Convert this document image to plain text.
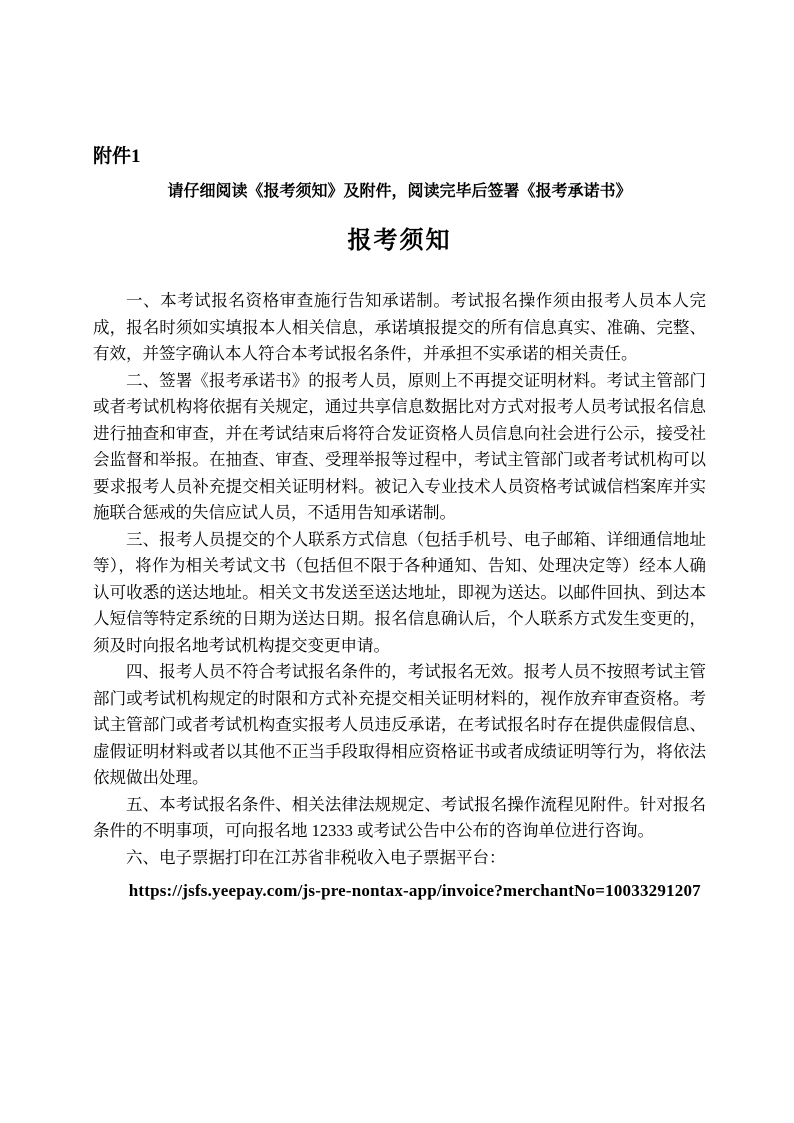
附件1
请仔细阅读《报考须知》及附件，阅读完毕后签署《报考承诺书》
报考须知

一、本考试报名资格审查施行告知承诺制。考试报名操作须由报考人员本人完成，报名时须如实填报本人相关信息，承诺填报提交的所有信息真实、准确、完整、有效，并签字确认本人符合本考试报名条件，并承担不实承诺的相关责任。

二、签署《报考承诺书》的报考人员，原则上不再提交证明材料。考试主管部门或者考试机构将依据有关规定，通过共享信息数据比对方式对报考人员考试报名信息进行抽查和审查，并在考试结束后将符合发证资格人员信息向社会进行公示，接受社会监督和举报。在抽查、审查、受理举报等过程中，考试主管部门或者考试机构可以要求报考人员补充提交相关证明材料。被记入专业技术人员资格考试诚信档案库并实施联合惩戒的失信应试人员，不适用告知承诺制。

三、报考人员提交的个人联系方式信息（包括手机号、电子邮箱、详细通信地址等），将作为相关考试文书（包括但不限于各种通知、告知、处理决定等）经本人确认可收悉的送达地址。相关文书发送至送达地址，即视为送达。以邮件回执、到达本人短信等特定系统的日期为送达日期。报名信息确认后，个人联系方式发生变更的，须及时向报名地考试机构提交变更申请。

四、报考人员不符合考试报名条件的，考试报名无效。报考人员不按照考试主管部门或考试机构规定的时限和方式补充提交相关证明材料的，视作放弃审查资格。考试主管部门或者考试机构查实报考人员违反承诺，在考试报名时存在提供虚假信息、虚假证明材料或者以其他不正当手段取得相应资格证书或者成绩证明等行为，将依法依规做出处理。

五、本考试报名条件、相关法律法规规定、考试报名操作流程见附件。针对报名条件的不明事项，可向报名地 12333 或考试公告中公布的咨询单位进行咨询。

六、电子票据打印在江苏省非税收入电子票据平台：

https://jsfs.yeepay.com/js-pre-nontax-app/invoice?merchantNo=10033291207
